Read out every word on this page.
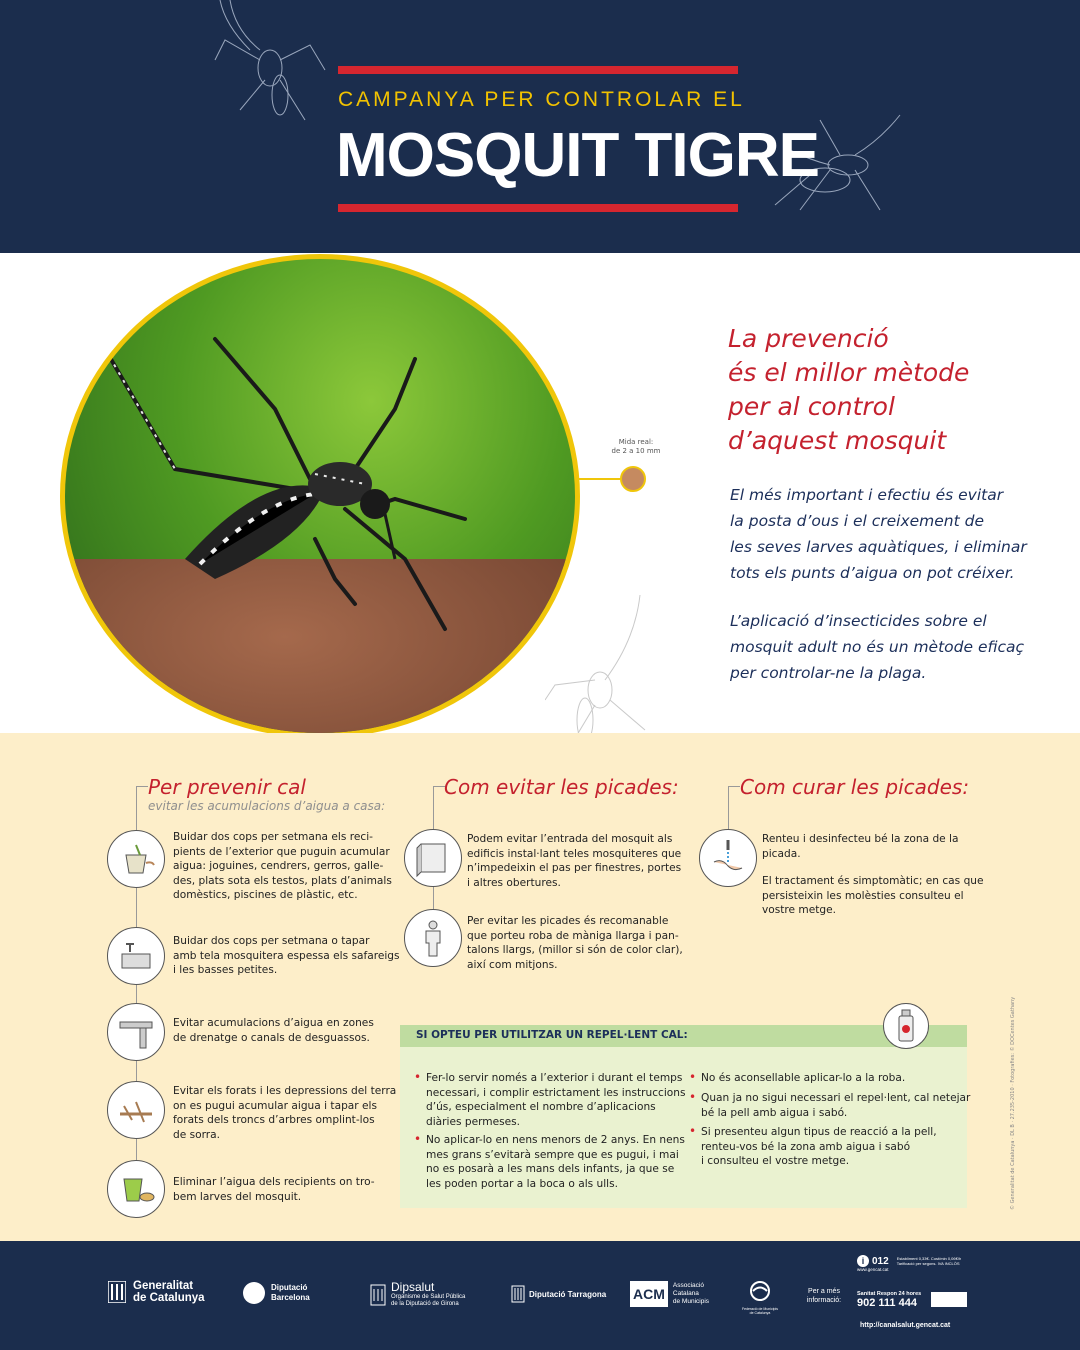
CAMPANYA PER CONTROLAR EL
MOSQUIT TIGRE
Mida real:
de 2 a 10 mm
La prevenció
és el millor mètode
per al control
d’aquest mosquit
El més important i efectiu és evitar
la posta d’ous i el creixement de
les seves larves aquàtiques, i eliminar
tots els punts d’aigua on pot créixer.
L’aplicació d’insecticides sobre el
mosquit adult no és un mètode eficaç
per controlar-ne la plaga.
Per prevenir cal
evitar les acumulacions d’aigua a casa:
Buidar dos cops per setmana els reci-
pients de l’exterior que puguin acumular
aigua: joguines, cendrers, gerros, galle-
des, plats sota els testos, plats d’animals
domèstics, piscines de plàstic, etc.
Buidar dos cops per setmana o tapar
amb tela mosquitera espessa els safareigs
i les basses petites.
Evitar acumulacions d’aigua en zones
de drenatge o canals de desguassos.
Evitar els forats i les depressions del terra
on es pugui acumular aigua i tapar els
forats dels troncs d’arbres omplint-los
de sorra.
Eliminar l’aigua dels recipients on tro-
bem larves del mosquit.
Com evitar les picades:
Podem evitar l’entrada del mosquit als
edificis instal·lant teles mosquiteres que
n’impedeixin el pas per finestres, portes
i altres obertures.
Per evitar les picades és recomanable
que porteu roba de màniga llarga i pan-
talons llargs, (millor si són de color clar),
així com mitjons.
Com curar les picades:
Renteu i desinfecteu bé la zona de la
picada.
El tractament és simptomàtic; en cas que
persisteixin les molèsties consulteu el
vostre metge.
SI OPTEU PER UTILITZAR UN REPEL·LENT CAL:
• Fer-lo servir només a l’exterior i durant el temps
necessari, i complir estrictament les instruccions
d’ús, especialment el nombre d’aplicacions
diàries permeses.
• No aplicar-lo en nens menors de 2 anys. En nens
mes grans s’evitarà sempre que es pugui, i mai
no es posarà a les mans dels infants, ja que se
les poden portar a la boca o als ulls.
• No és aconsellable aplicar-lo a la roba.
• Quan ja no sigui necessari el repel·lent, cal netejar
bé la pell amb aigua i sabó.
• Si presenteu algun tipus de reacció a la pell,
renteu-vos bé la zona amb aigua i sabó
i consulteu el vostre metge.	© Generalitat de Catalunya · DL B · 27.235-2010 · Fotografies: © DOCentes Gathany
Generalitat
de Catalunya
Diputació
Barcelona
Dipsalut
Organisme de Salut Pública
de la Diputació de Girona
Diputació Tarragona ACM
Associació
Catalana
de Municipis
Federació de Municipis
de Catalunya
Per a més
informació:
i 012 Establiment 0,33€. Cost/min 0,06€/h
Tarificació per segons. IVA INCLÒS
www.gencat.cat
Sanitat Respon 24 hores
902 111 444
http://canalsalut.gencat.cat
